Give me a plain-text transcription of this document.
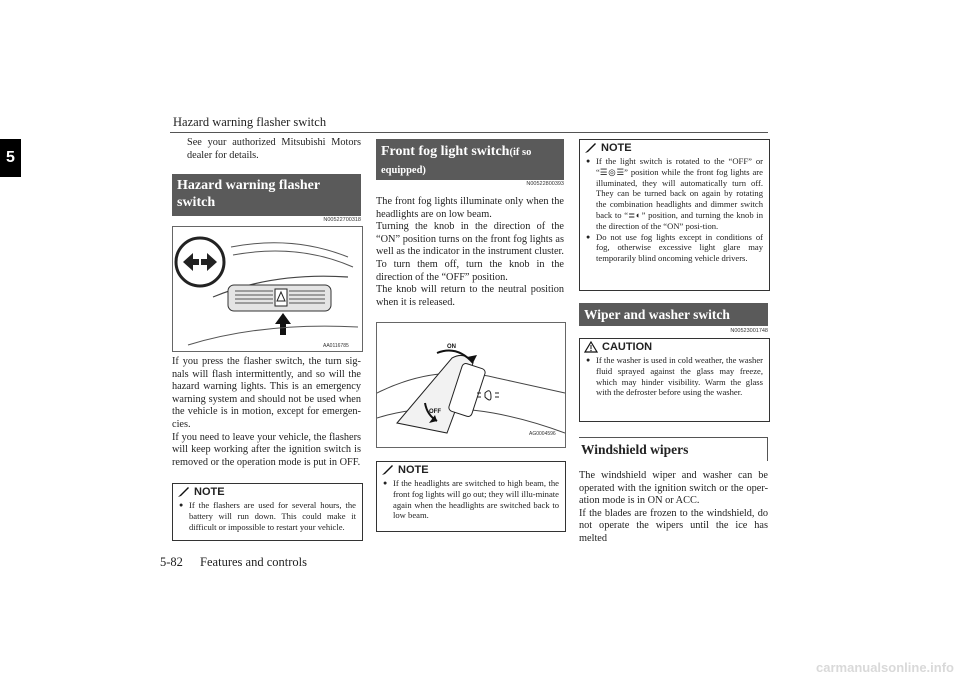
Hazard warning flasher switch
5
See your authorized Mitsubishi Motors dealer for details.
Hazard warning flasher switch
N00522700318
AA0116785

If you press the flasher switch, the turn sig-nals will flash intermittently, and so will the hazard warning lights. This is an emergency warning system and should not be used when the vehicle is in motion, except for emergen-cies.

If you need to leave your vehicle, the flashers will keep working after the ignition switch is removed or the operation mode is put in OFF.

NOTE

● If the flashers are used for several hours, the battery will run down. This could make it difficult or impossible to restart your vehicle.

Front fog light switch(if so equipped)
N00522800393

The front fog lights illuminate only when the headlights are on low beam.

Turning the knob in the direction of the “ON” position turns on the front fog lights as well as the indicator in the instrument cluster. To turn them off, turn the knob in the direction of the “OFF” position.

The knob will return to the neutral position when it is released.

ON
OFF
AG0004596
NOTE

● If the headlights are switched to high beam, the front fog lights will go out; they will illu-minate again when the headlights are switched back to low beam.

NOTE

● If the light switch is rotated to the “OFF” or “☰◎☰” position while the front fog lights are illuminated, they will automatically turn off. They can be turned back on again by rotating the combination headlights and dimmer switch back to “≣◐” position, and turning the knob in the direction of the “ON” posi-tion.

● Do not use fog lights except in conditions of fog, otherwise excessive light glare may temporarily blind oncoming vehicle drivers.

Wiper and washer switch
N00523001748
CAUTION

● If the washer is used in cold weather, the washer fluid sprayed against the glass may freeze, which may hinder visibility. Warm the glass with the defroster before using the washer.

Windshield wipers

The windshield wiper and washer can be operated with the ignition switch or the oper-ation mode is in ON or ACC.

If the blades are frozen to the windshield, do not operate the wipers until the ice has melted

5-82 Features and controls
carmanualsonline.info
